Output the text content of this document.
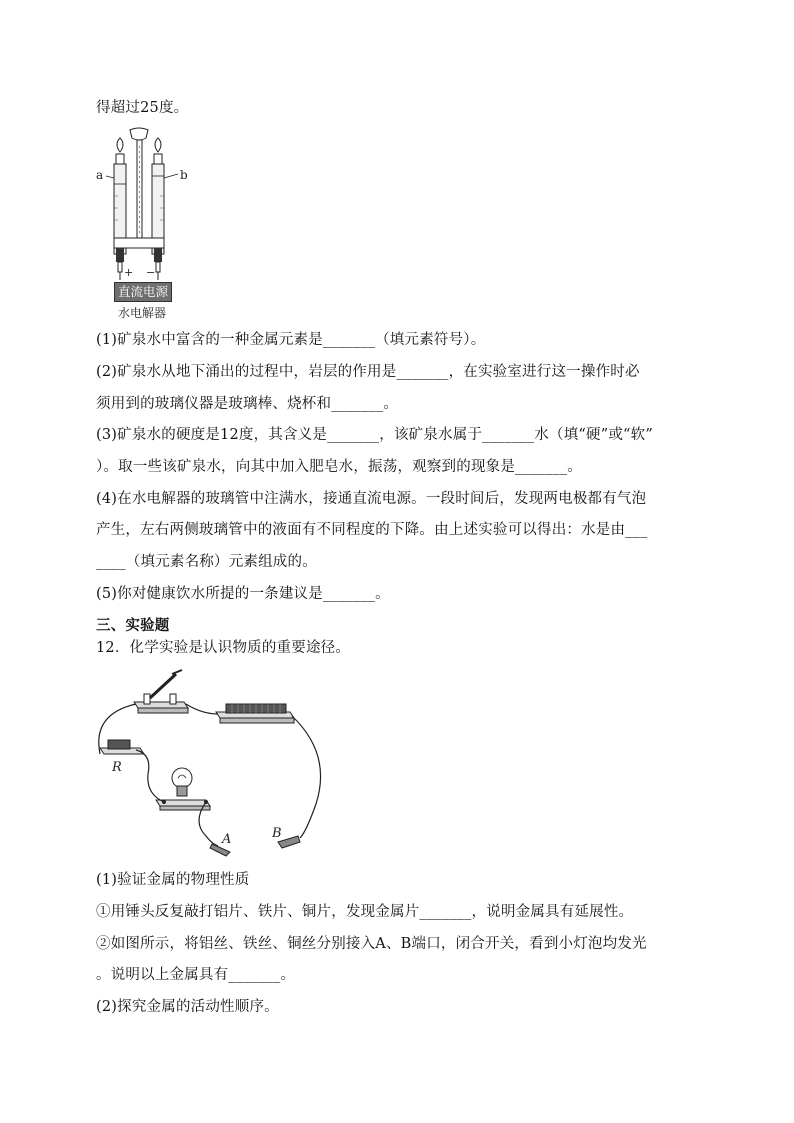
得超过25度。
a	b
+ −
直流电源
水电解器
(1)矿泉水中富含的一种金属元素是_______（填元素符号）。
(2)矿泉水从地下涌出的过程中，岩层的作用是_______，在实验室进行这一操作时必
须用到的玻璃仪器是玻璃棒、烧杯和_______。
(3)矿泉水的硬度是12度，其含义是_______，该矿泉水属于_______水（填“硬”或“软”
）。取一些该矿泉水，向其中加入肥皂水，振荡，观察到的现象是_______。
(4)在水电解器的玻璃管中注满水，接通直流电源。一段时间后，发现两电极都有气泡
产生，左右两侧玻璃管中的液面有不同程度的下降。由上述实验可以得出：水是由___
____（填元素名称）元素组成的。
(5)你对健康饮水所提的一条建议是_______。
三、实验题
12．化学实验是认识物质的重要途径。
R
A	B
(1)验证金属的物理性质
①用锤头反复敲打铝片、铁片、铜片，发现金属片_______，说明金属具有延展性。
②如图所示，将铝丝、铁丝、铜丝分别接入A、B端口，闭合开关，看到小灯泡均发光
。说明以上金属具有_______。
(2)探究金属的活动性顺序。
